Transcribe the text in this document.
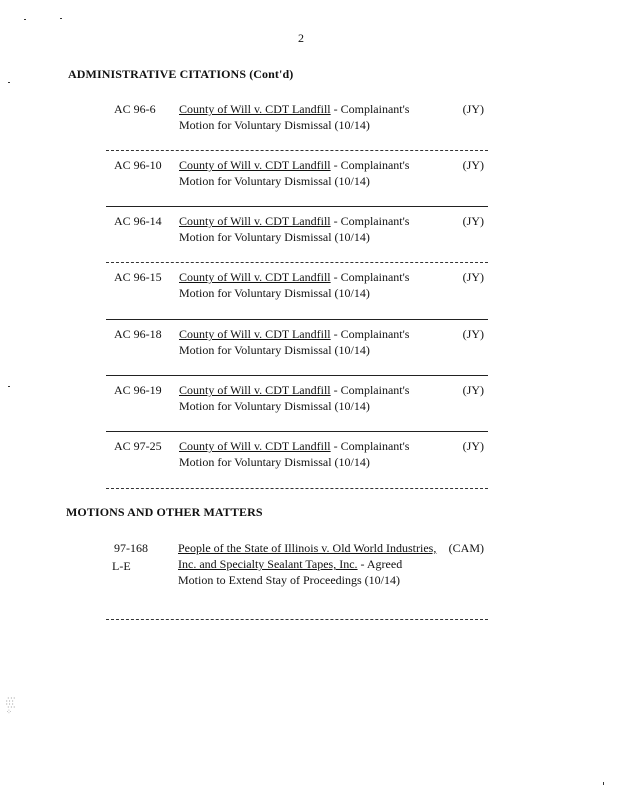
∴∵
∵∴
⁘
2
ADMINISTRATIVE CITATIONS (Cont'd)
AC 96-6 County of Will v. CDT Landfill - Complainant's Motion for Voluntary Dismissal (10/14)
(JY)
AC 96-10 County of Will v. CDT Landfill - Complainant's Motion for Voluntary Dismissal (10/14)
(JY)
AC 96-14 County of Will v. CDT Landfill - Complainant's Motion for Voluntary Dismissal (10/14)
(JY)
AC 96-15 County of Will v. CDT Landfill - Complainant's Motion for Voluntary Dismissal (10/14)
(JY)
AC 96-18 County of Will v. CDT Landfill - Complainant's Motion for Voluntary Dismissal (10/14)
(JY)
AC 96-19 County of Will v. CDT Landfill - Complainant's Motion for Voluntary Dismissal (10/14)
(JY)
AC 97-25 County of Will v. CDT Landfill - Complainant's Motion for Voluntary Dismissal (10/14)
(JY)
MOTIONS AND OTHER MATTERS
97-168
L-E
People of the State of Illinois v. Old World Industries, Inc. and Specialty Sealant Tapes, Inc. - Agreed Motion to Extend Stay of Proceedings (10/14)
(CAM)
